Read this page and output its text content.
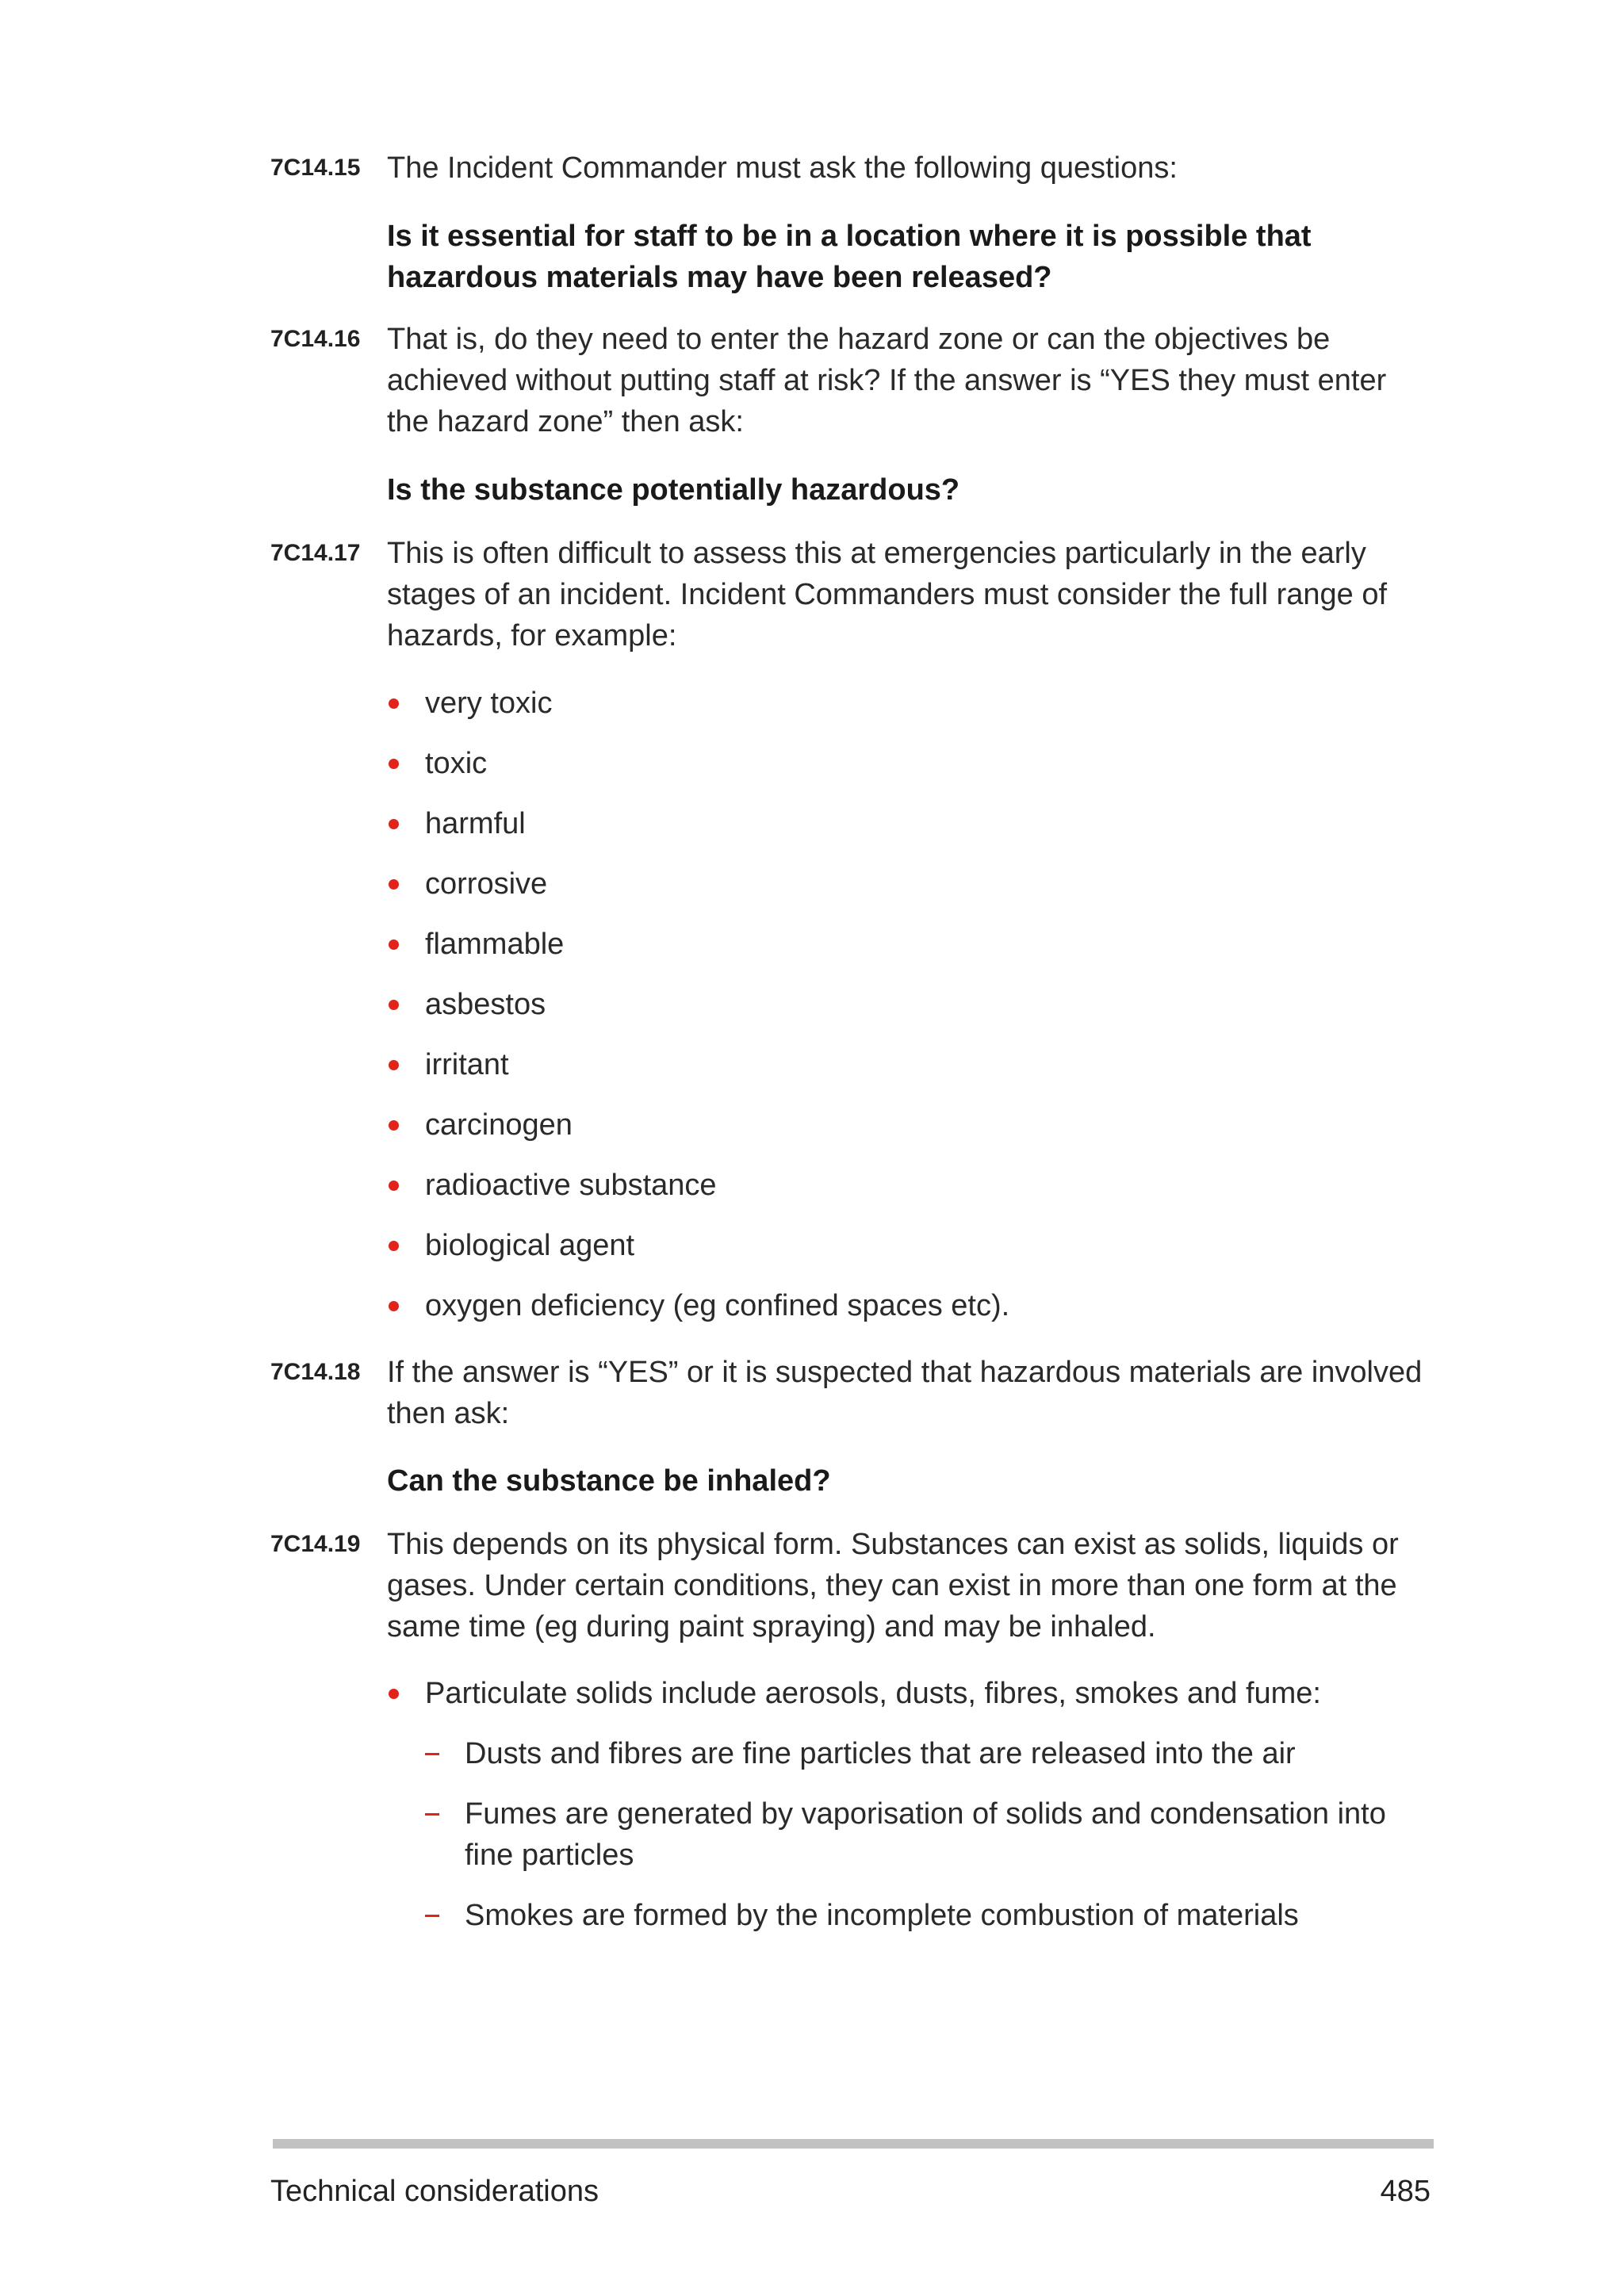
7C14.15 The Incident Commander must ask the following questions:
Is it essential for staff to be in a location where it is possible that hazardous materials may have been released?
7C14.16 That is, do they need to enter the hazard zone or can the objectives be achieved without putting staff at risk? If the answer is “YES they must enter the hazard zone” then ask:
Is the substance potentially hazardous?
7C14.17 This is often difficult to assess this at emergencies particularly in the early stages of an incident. Incident Commanders must consider the full range of hazards, for example:
very toxic
toxic
harmful
corrosive
flammable
asbestos
irritant
carcinogen
radioactive substance
biological agent
oxygen deficiency (eg confined spaces etc).
7C14.18 If the answer is “YES” or it is suspected that hazardous materials are involved then ask:
Can the substance be inhaled?
7C14.19 This depends on its physical form. Substances can exist as solids, liquids or gases. Under certain conditions, they can exist in more than one form at the same time (eg during paint spraying) and may be inhaled.
Particulate solids include aerosols, dusts, fibres, smokes and fume:
Dusts and fibres are fine particles that are released into the air
Fumes are generated by vaporisation of solids and condensation into fine particles
Smokes are formed by the incomplete combustion of materials
Technical considerations	485
